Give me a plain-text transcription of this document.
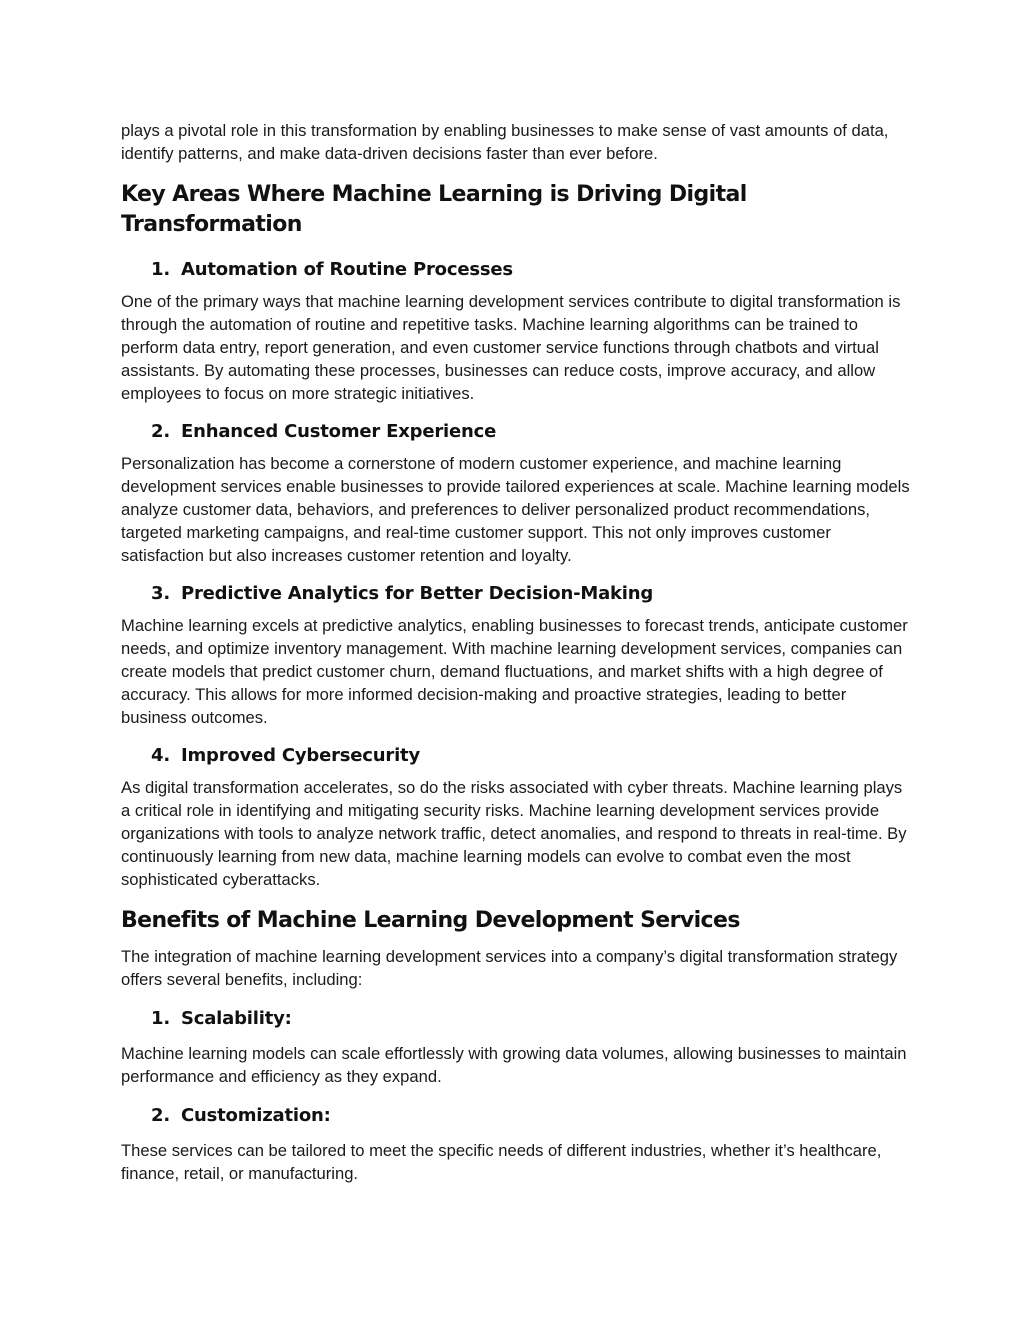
plays a pivotal role in this transformation by enabling businesses to make sense of vast amounts of data, identify patterns, and make data-driven decisions faster than ever before.

Key Areas Where Machine Learning is Driving Digital Transformation
1. Automation of Routine Processes

One of the primary ways that machine learning development services contribute to digital transformation is through the automation of routine and repetitive tasks. Machine learning algorithms can be trained to perform data entry, report generation, and even customer service functions through chatbots and virtual assistants. By automating these processes, businesses can reduce costs, improve accuracy, and allow employees to focus on more strategic initiatives.

2. Enhanced Customer Experience

Personalization has become a cornerstone of modern customer experience, and machine learning development services enable businesses to provide tailored experiences at scale. Machine learning models analyze customer data, behaviors, and preferences to deliver personalized product recommendations, targeted marketing campaigns, and real-time customer support. This not only improves customer satisfaction but also increases customer retention and loyalty.

3. Predictive Analytics for Better Decision-Making

Machine learning excels at predictive analytics, enabling businesses to forecast trends, anticipate customer needs, and optimize inventory management. With machine learning development services, companies can create models that predict customer churn, demand fluctuations, and market shifts with a high degree of accuracy. This allows for more informed decision-making and proactive strategies, leading to better business outcomes.

4. Improved Cybersecurity

As digital transformation accelerates, so do the risks associated with cyber threats. Machine learning plays a critical role in identifying and mitigating security risks. Machine learning development services provide organizations with tools to analyze network traffic, detect anomalies, and respond to threats in real-time. By continuously learning from new data, machine learning models can evolve to combat even the most sophisticated cyberattacks.

Benefits of Machine Learning Development Services

The integration of machine learning development services into a company’s digital transformation strategy offers several benefits, including:

1. Scalability:

Machine learning models can scale effortlessly with growing data volumes, allowing businesses to maintain performance and efficiency as they expand.

2. Customization:

These services can be tailored to meet the specific needs of different industries, whether it’s healthcare, finance, retail, or manufacturing.
